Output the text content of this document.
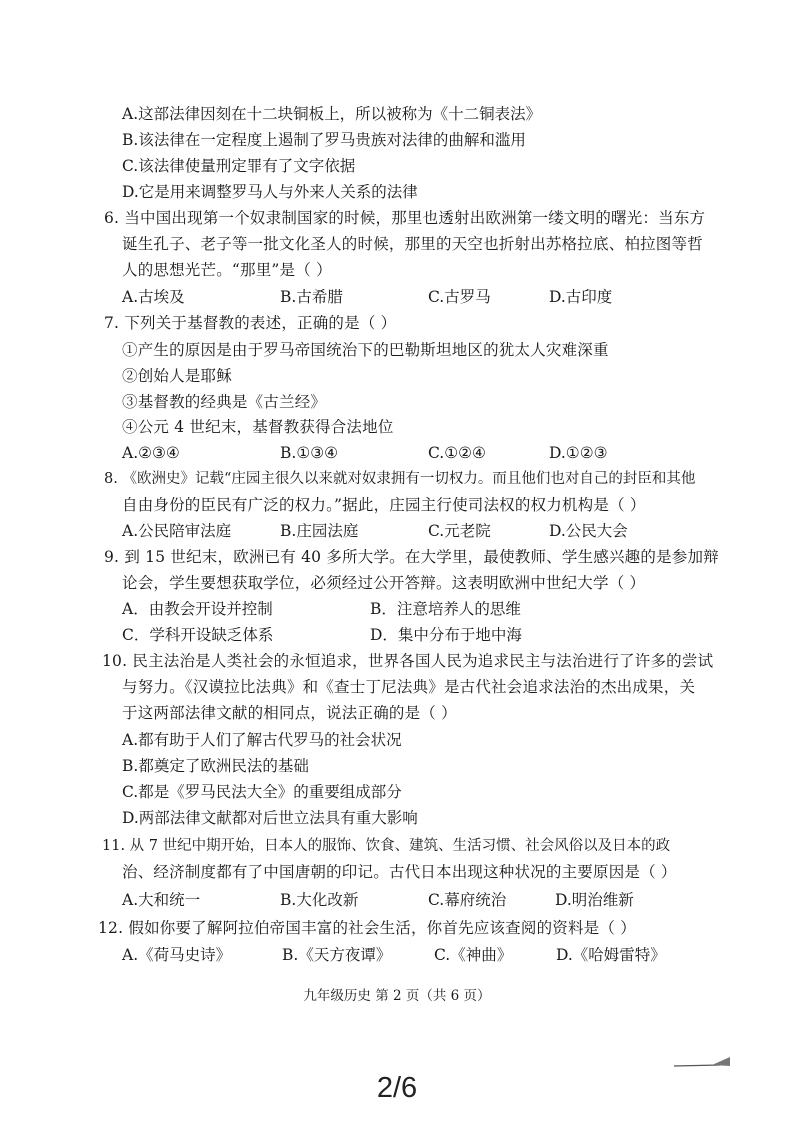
A.这部法律因刻在十二块铜板上，所以被称为《十二铜表法》
B.该法律在一定程度上遏制了罗马贵族对法律的曲解和滥用
C.该法律使量刑定罪有了文字依据
D.它是用来调整罗马人与外来人关系的法律
6. 当中国出现第一个奴隶制国家的时候，那里也透射出欧洲第一缕文明的曙光：当东方
诞生孔子、老子等一批文化圣人的时候，那里的天空也折射出苏格拉底、柏拉图等哲
人的思想光芒。“那里”是（ ）
A.古埃及	B.古希腊	C.古罗马	D.古印度
7. 下列关于基督教的表述，正确的是（ ）
①产生的原因是由于罗马帝国统治下的巴勒斯坦地区的犹太人灾难深重
②创始人是耶稣
③基督教的经典是《古兰经》
④公元 4 世纪末，基督教获得合法地位
A.②③④	B.①③④	C.①②④	D.①②③
8. 《欧洲史》记载“庄园主很久以来就对奴隶拥有一切权力。而且他们也对自己的封臣和其他
自由身份的臣民有广泛的权力。”据此，庄园主行使司法权的权力机构是（ ）
A.公民陪审法庭	B.庄园法庭	C.元老院	D.公民大会
9. 到 15 世纪末，欧洲已有 40 多所大学。在大学里，最使教师、学生感兴趣的是参加辩
论会，学生要想获取学位，必须经过公开答辩。这表明欧洲中世纪大学（ ）
A．由教会开设并控制	B．注意培养人的思维
C．学科开设缺乏体系	D．集中分布于地中海
10. 民主法治是人类社会的永恒追求，世界各国人民为追求民主与法治进行了许多的尝试
与努力。《汉谟拉比法典》和《查士丁尼法典》是古代社会追求法治的杰出成果，关
于这两部法律文献的相同点，说法正确的是（ ）
A.都有助于人们了解古代罗马的社会状况
B.都奠定了欧洲民法的基础
C.都是《罗马民法大全》的重要组成部分
D.两部法律文献都对后世立法具有重大影响
11. 从 7 世纪中期开始，日本人的服饰、饮食、建筑、生活习惯、社会风俗以及日本的政
治、经济制度都有了中国唐朝的印记。古代日本出现这种状况的主要原因是（ ）
A.大和统一	B.大化改新	C.幕府统治	D.明治维新
12. 假如你要了解阿拉伯帝国丰富的社会生活，你首先应该查阅的资料是（ ）
A.《荷马史诗》	B.《天方夜谭》	C.《神曲》	D.《哈姆雷特》
九年级历史 第 2 页（共 6 页）
2/6
